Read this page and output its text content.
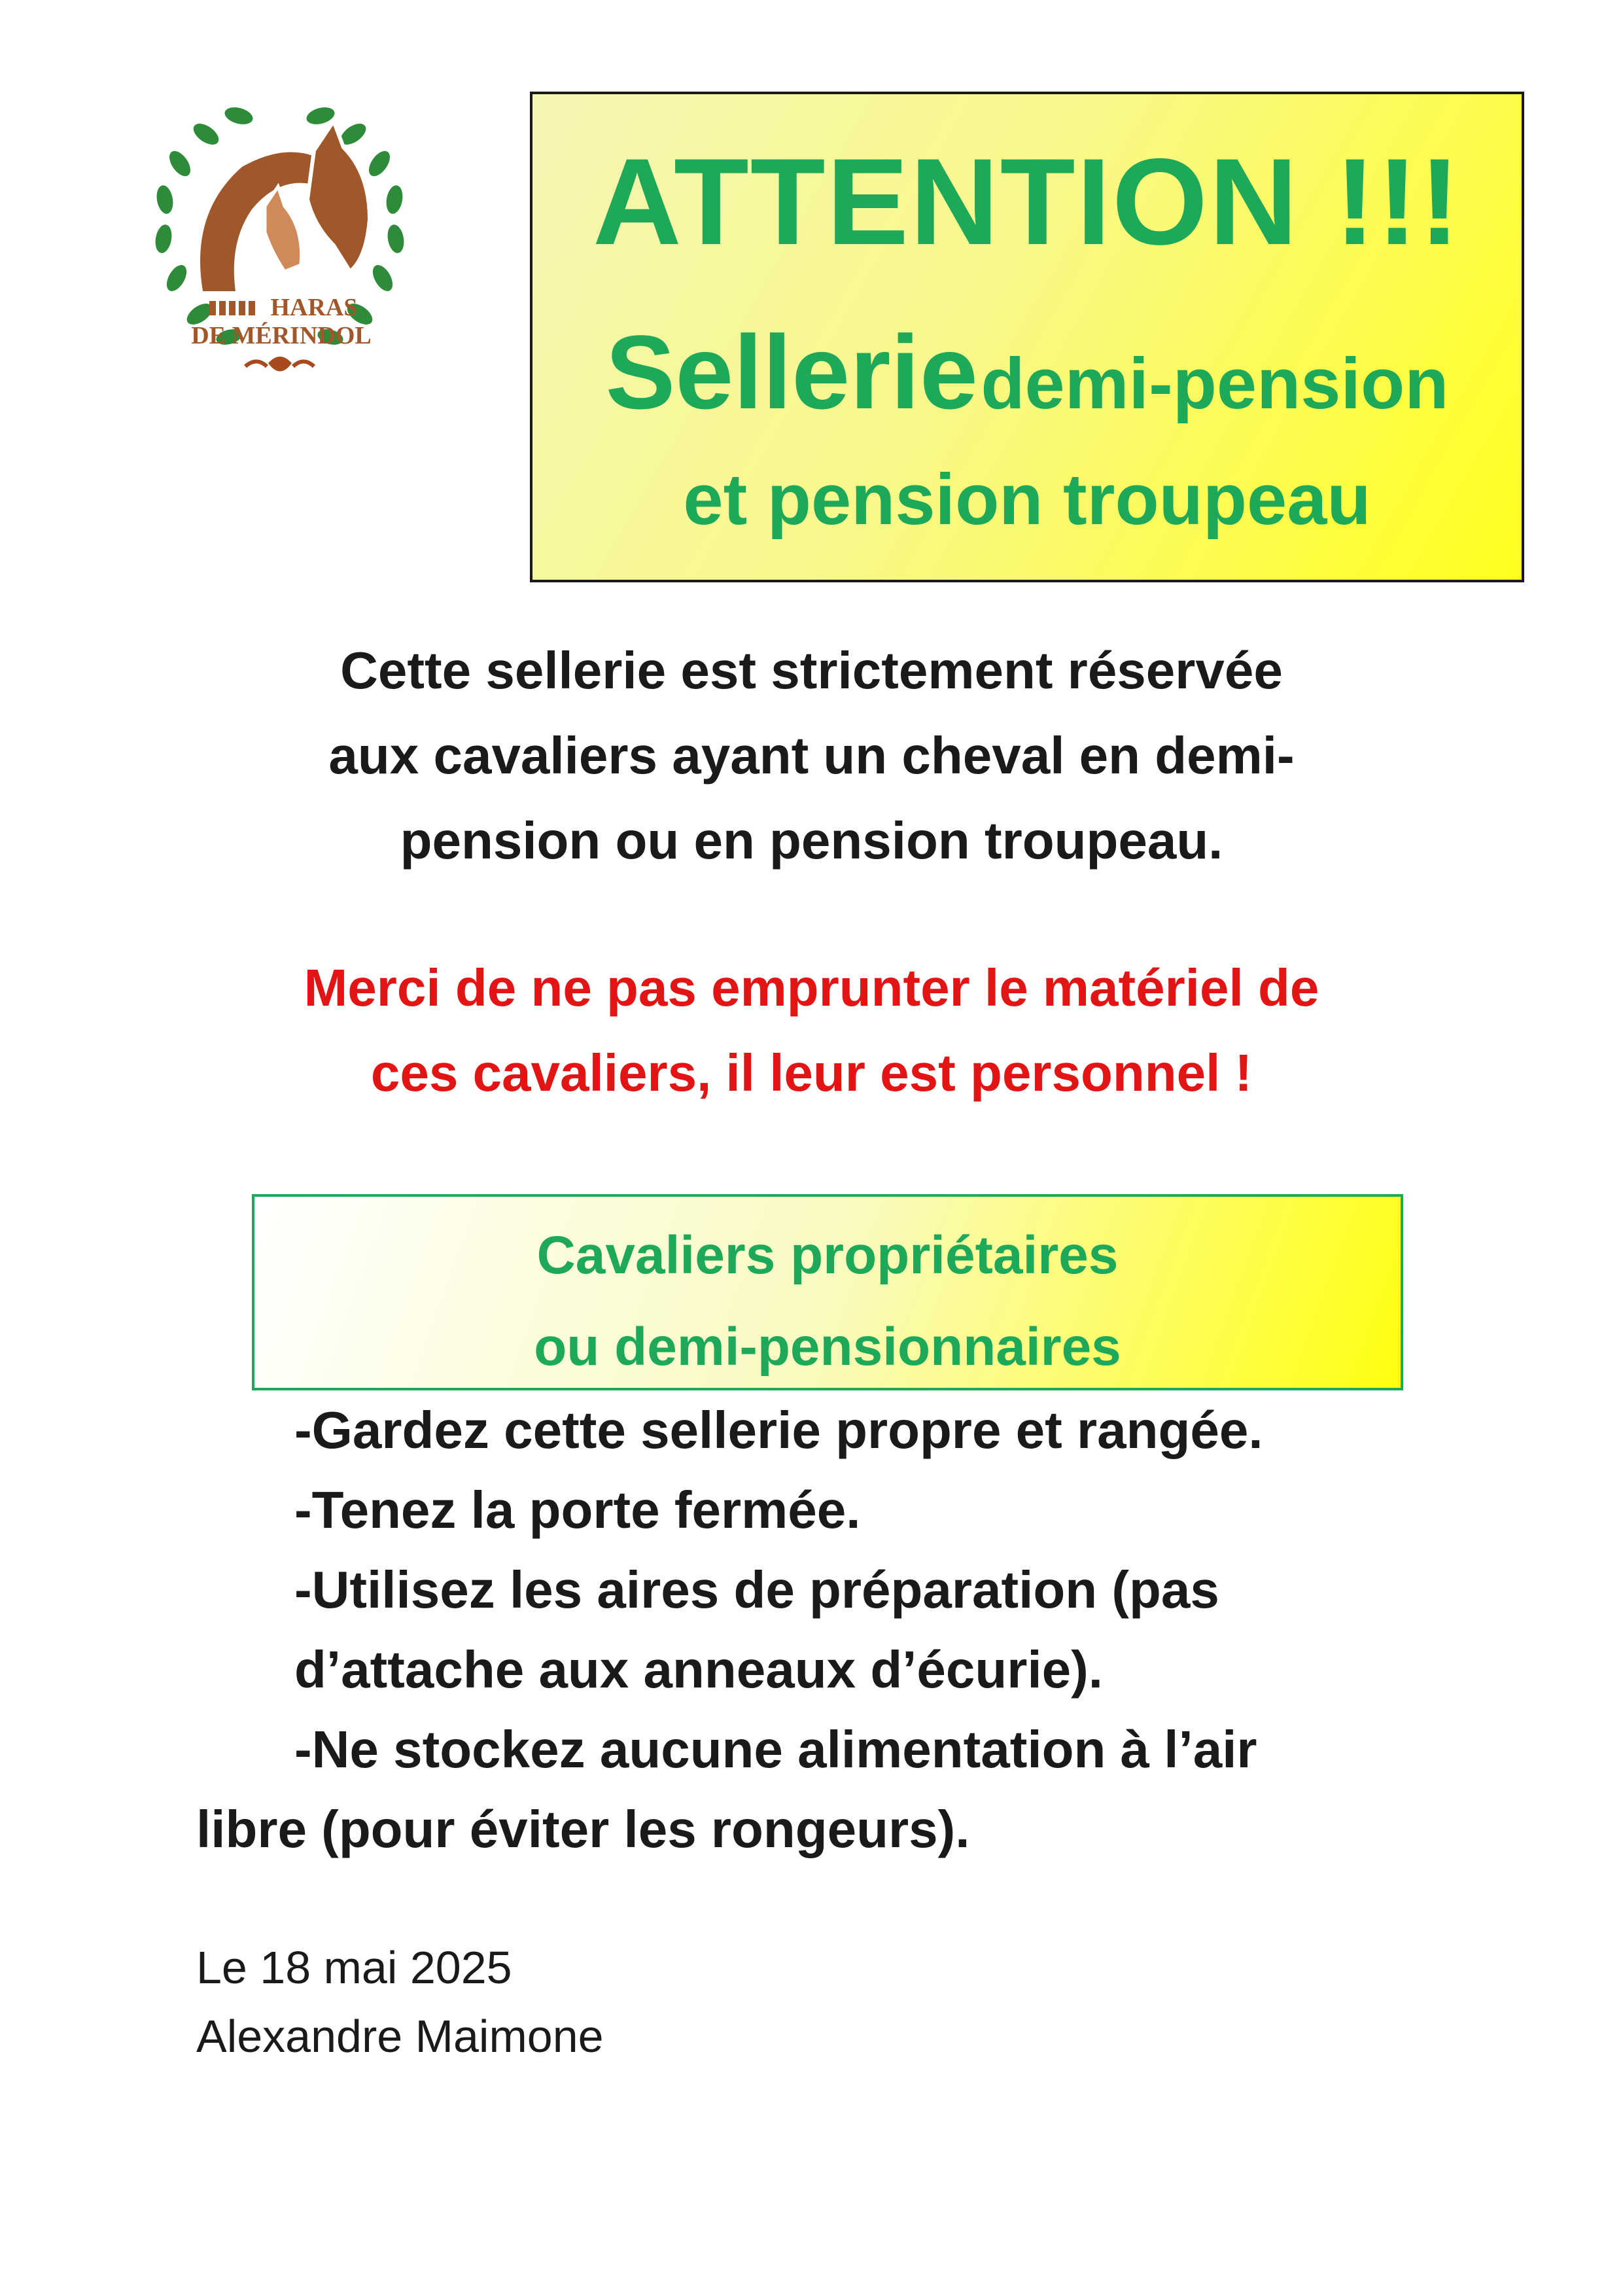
HARAS
DE MÉRINDOL
ATTENTION !!!
Sellerie demi-pension
et pension troupeau
Cette sellerie est strictement réservée
aux cavaliers ayant un cheval en demi-
pension ou en pension troupeau.
Merci de ne pas emprunter le matériel de
ces cavaliers, il leur est personnel !
Cavaliers propriétaires
ou demi-pensionnaires
-Gardez cette sellerie propre et rangée.
-Tenez la porte fermée.
-Utilisez les aires de préparation (pas
d’attache aux anneaux d’écurie).
-Ne stockez aucune alimentation à l’air
libre (pour éviter les rongeurs).
Le 18 mai 2025
Alexandre Maimone
